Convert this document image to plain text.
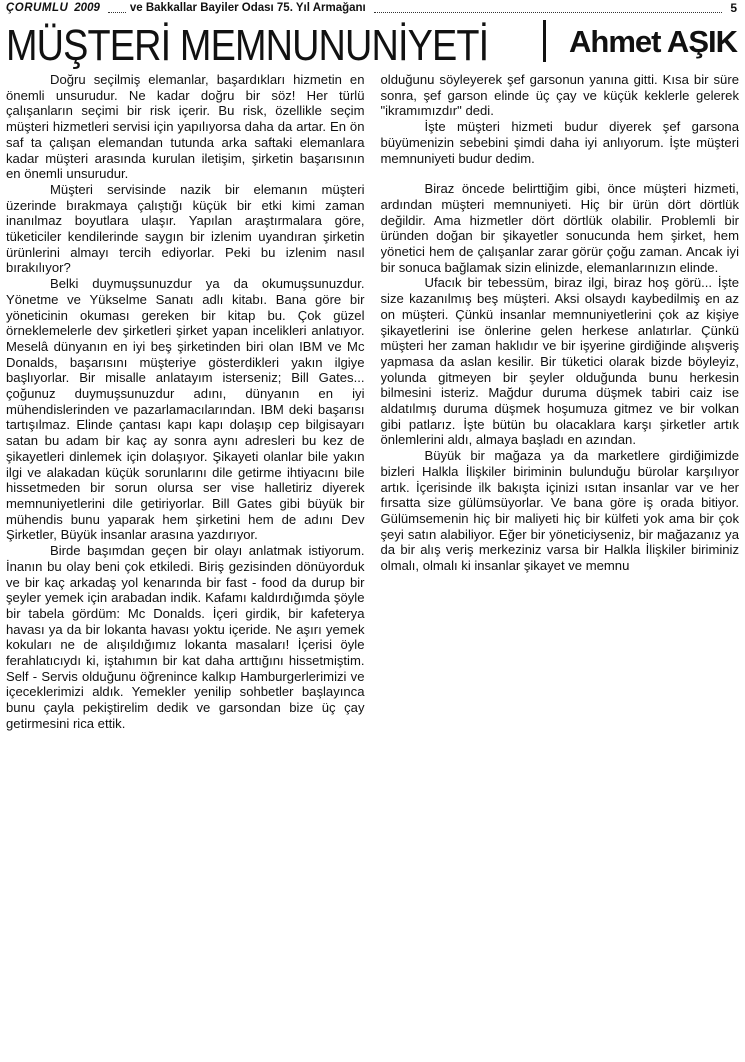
ÇORUMLU 2009	ve Bakkallar Bayiler Odası 75. Yıl Armağanı	5
MÜŞTERİ MEMNUNUNİYETİ	Ahmet AŞIK

Doğru seçilmiş elemanlar, başardıkları hizmetin en önemli unsurudur. Ne kadar doğru bir söz! Her türlü çalışanların seçimi bir risk içerir. Bu risk, özellikle seçim müşteri hizmetleri servisi için yapılıyorsa daha da artar. En ön saf ta çalışan elemandan tutunda arka saftaki elemanlara kadar müşteri arasında kurulan iletişim, şirketin başarısının en önemli unsurudur.

Müşteri servisinde nazik bir elemanın müşteri üzerinde bırakmaya çalıştığı küçük bir etki kimi zaman inanılmaz boyutlara ulaşır. Yapılan araştırmalara göre, tüketiciler kendilerinde saygın bir izlenim uyandıran şirketin ürünlerini almayı tercih ediyorlar. Peki bu izlenim nasıl bırakılıyor?

Belki duymuşsunuzdur ya da okumuşsunuzdur. Yönetme ve Yükselme Sanatı adlı kitabı. Bana göre bir yöneticinin okuması gereken bir kitap bu. Çok güzel örneklemelerle dev şirketleri şirket yapan incelikleri anlatıyor. Meselâ dünyanın en iyi beş şirketinden biri olan IBM ve Mc Donalds, başarısını müşteriye gösterdikleri yakın ilgiye başlıyorlar. Bir misalle anlatayım isterseniz; Bill Gates... çoğunuz duymuşsunuzdur adını, dünyanın en iyi mühendislerinden ve pazarlamacılarından. IBM deki başarısı tartışılmaz. Elinde çantası kapı kapı dolaşıp cep bilgisayarı satan bu adam bir kaç ay sonra aynı adresleri bu kez de şikayetleri dinlemek için dolaşıyor. Şikayeti olanlar bile yakın ilgi ve alakadan küçük sorunlarını dile getirme ihtiyacını bile hissetmeden bir sorun olursa ser vise halletiriz diyerek memnuniyetlerini dile getiriyorlar. Bill Gates gibi büyük bir mühendis bunu yaparak hem şirketini hem de adını Dev Şirketler, Büyük insanlar arasına yazdırıyor.

Birde başımdan geçen bir olayı anlatmak istiyorum. İnanın bu olay beni çok etkiledi. Biriş gezisinden dönüyorduk ve bir kaç arkadaş yol kenarında bir fast - food da durup bir şeyler yemek için arabadan indik. Kafamı kaldırdığımda şöyle bir tabela gördüm: Mc Donalds. İçeri girdik, bir kafeterya havası ya da bir lokanta havası yoktu içeride. Ne aşırı yemek kokuları ne de alışıldığımız lokanta masaları! İçerisi öyle ferahlatıcıydı ki, iştahımın bir kat daha arttığını hissetmiştim. Self - Servis olduğunu öğrenince kalkıp Hamburgerlerimizi ve içeceklerimizi aldık. Yemekler yenilip sohbetler başlayınca bunu çayla pekiştirelim dedik ve garsondan bize üç çay getirmesini rica ettik.

olduğunu söyleyerek şef garsonun yanına gitti. Kısa bir süre sonra, şef garson elinde üç çay ve küçük keklerle gelerek "ikramımızdır" dedi.

İşte müşteri hizmeti budur diyerek şef garsona büyümenizin sebebini şimdi daha iyi anlıyorum. İşte müşteri memnuniyeti budur dedim.

Biraz öncede belirttiğim gibi, önce müşteri hizmeti, ardından müşteri memnuniyeti. Hiç bir ürün dört dörtlük değildir. Ama hizmetler dört dörtlük olabilir. Problemli bir üründen doğan bir şikayetler sonucunda hem şirket, hem yönetici hem de çalışanlar zarar görür çoğu zaman. Ancak iyi bir sonuca bağlamak sizin elinizde, elemanlarınızın elinde.

Ufacık bir tebessüm, biraz ilgi, biraz hoş görü... İşte size kazanılmış beş müşteri. Aksi olsaydı kaybedilmiş en az on müşteri. Çünkü insanlar memnuniyetlerini çok az kişiye şikayetlerini ise önlerine gelen herkese anlatırlar. Çünkü müşteri her zaman haklıdır ve bir işyerine girdiğinde alışveriş yapmasa da aslan kesilir. Bir tüketici olarak bizde böyleyiz, yolunda gitmeyen bir şeyler olduğunda bunu herkesin bilmesini isteriz. Mağdur duruma düşmek tabiri caiz ise aldatılmış duruma düşmek hoşumuza gitmez ve bir volkan gibi patlarız. İşte bütün bu olacaklara karşı şirketler artık önlemlerini aldı, almaya başladı en azından.

Büyük bir mağaza ya da marketlere girdiğimizde bizleri Halkla İlişkiler biriminin bulunduğu bürolar karşılıyor artık. İçerisinde ilk bakışta içinizi ısıtan insanlar var ve her fırsatta size gülümsüyorlar. Ve bana göre iş orada bitiyor. Gülümsemenin hiç bir maliyeti hiç bir külfeti yok ama bir çok şeyi satın alabiliyor. Eğer bir yöneticiyseniz, bir mağazanız ya da bir alış veriş merkeziniz varsa bir Halkla İlişkiler biriminiz olmalı, olmalı ki insanlar şikayet ve memnu
